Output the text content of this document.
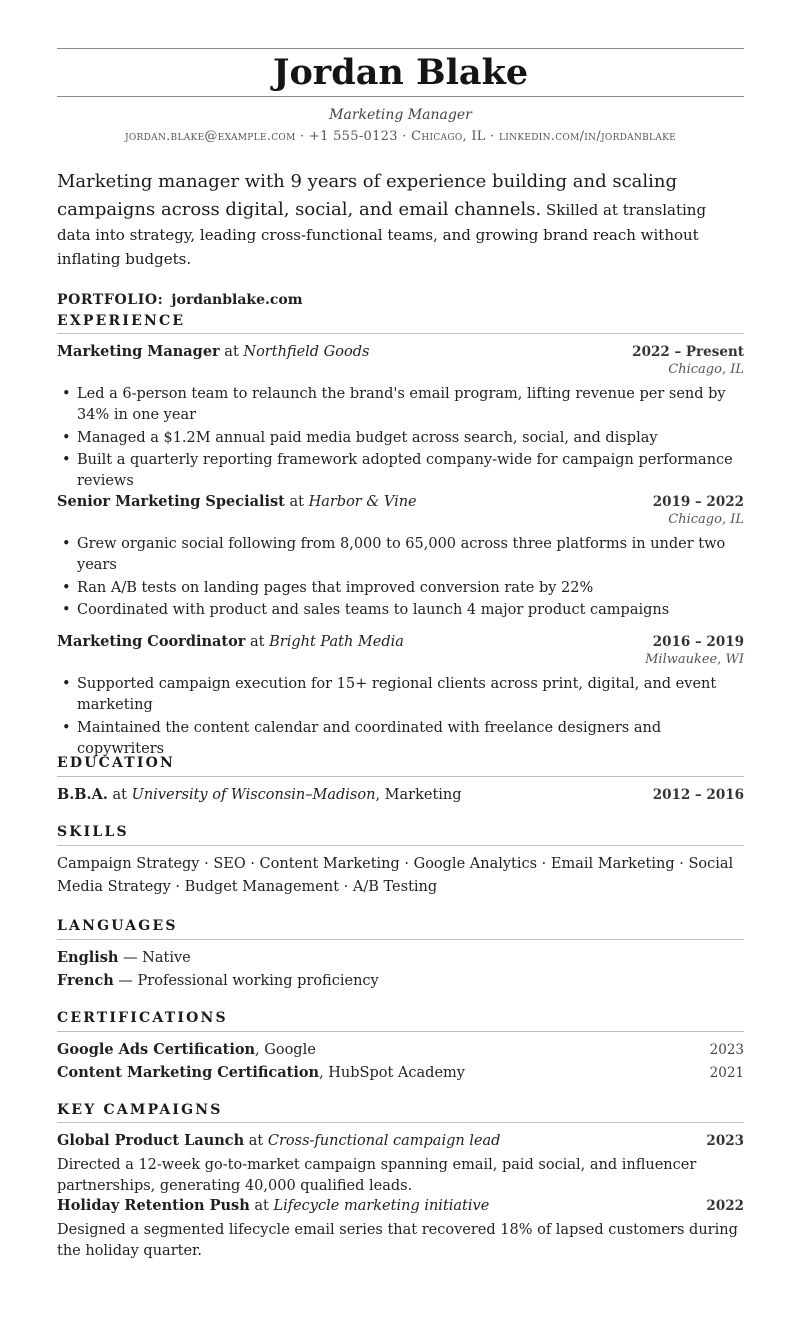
Jordan Blake
Marketing Manager
jordan.blake@example.com · +1 555-0123 · Chicago, IL · linkedin.com/in/jordanblake
Marketing manager with 9 years of experience building and scaling campaigns across digital, social, and email channels. Skilled at translating data into strategy, leading cross-functional teams, and growing brand reach without inflating budgets.
PORTFOLIO: jordanblake.com
EXPERIENCE
Marketing Manager at Northfield Goods	2022 – Present
Chicago, IL
• Led a 6-person team to relaunch the brand's email program, lifting revenue per send by 34% in one year
• Managed a $1.2M annual paid media budget across search, social, and display
• Built a quarterly reporting framework adopted company-wide for campaign performance reviews
Senior Marketing Specialist at Harbor & Vine	2019 – 2022
Chicago, IL
• Grew organic social following from 8,000 to 65,000 across three platforms in under two years
• Ran A/B tests on landing pages that improved conversion rate by 22%
• Coordinated with product and sales teams to launch 4 major product campaigns
Marketing Coordinator at Bright Path Media	2016 – 2019
Milwaukee, WI
• Supported campaign execution for 15+ regional clients across print, digital, and event marketing
• Maintained the content calendar and coordinated with freelance designers and copywriters
EDUCATION
B.B.A. at University of Wisconsin–Madison, Marketing	2012 – 2016
SKILLS
Campaign Strategy · SEO · Content Marketing · Google Analytics · Email Marketing · Social Media Strategy · Budget Management · A/B Testing
LANGUAGES
English — Native
French — Professional working proficiency
CERTIFICATIONS
Google Ads Certification, Google	2023
Content Marketing Certification, HubSpot Academy	2021
KEY CAMPAIGNS
Global Product Launch at Cross-functional campaign lead	2023
Directed a 12-week go-to-market campaign spanning email, paid social, and influencer partnerships, generating 40,000 qualified leads.
Holiday Retention Push at Lifecycle marketing initiative	2022
Designed a segmented lifecycle email series that recovered 18% of lapsed customers during the holiday quarter.
